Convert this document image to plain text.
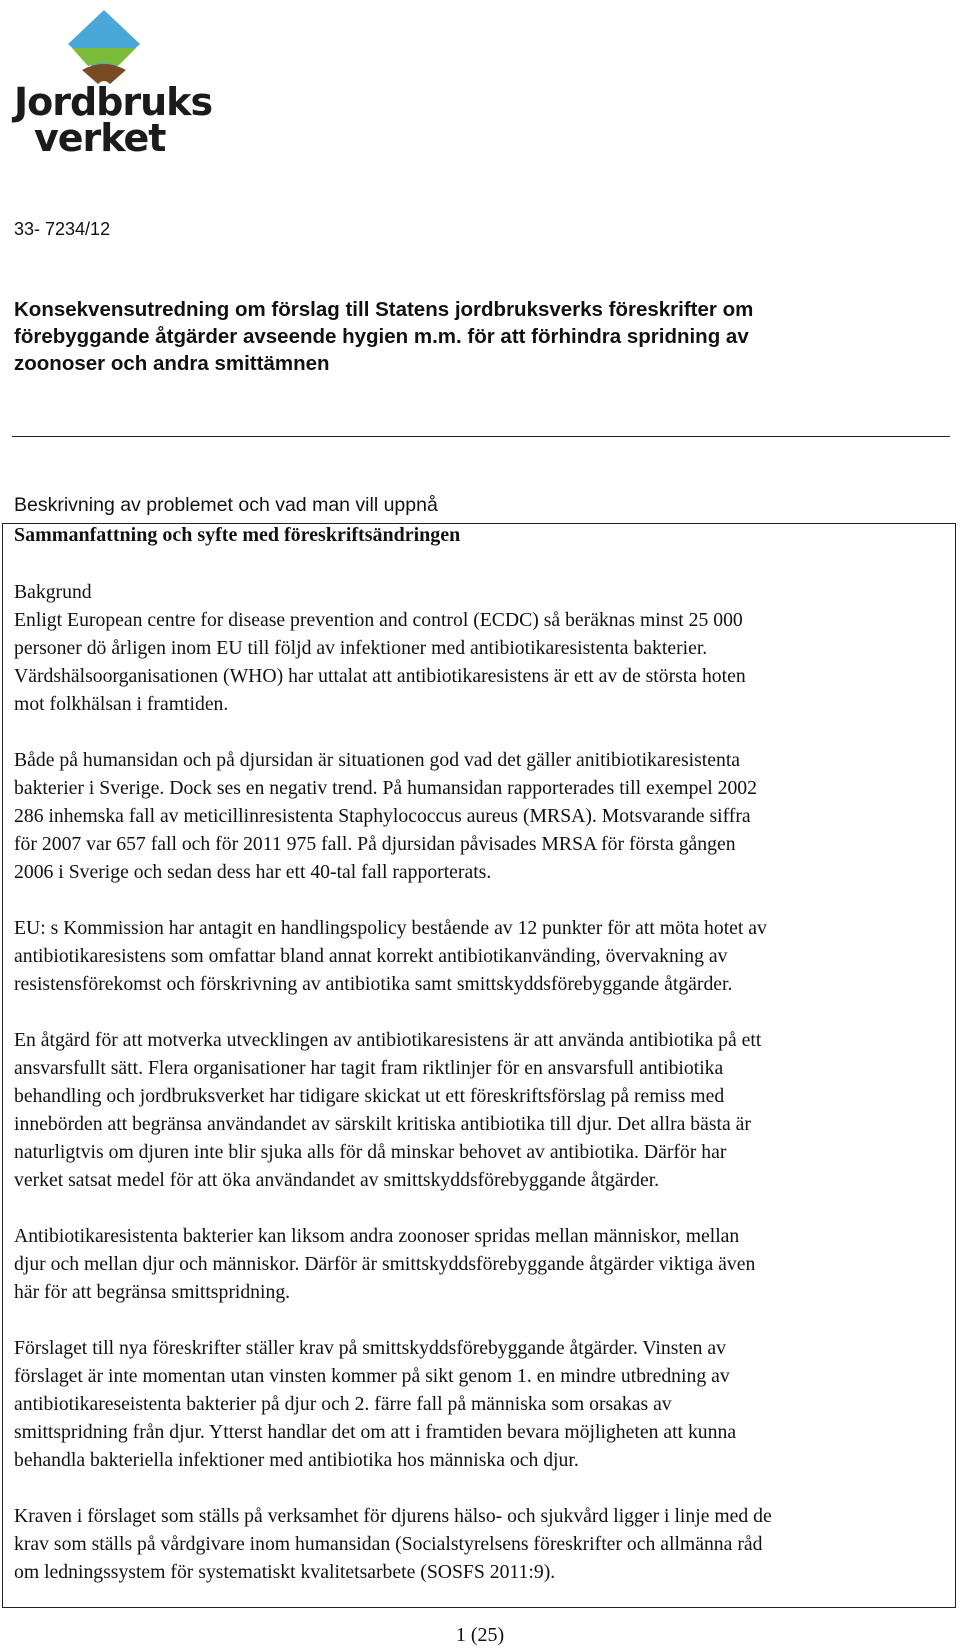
Jordbruks
verket
33- 7234/12
Konsekvensutredning om förslag till Statens jordbruksverks föreskrifter om
förebyggande åtgärder avseende hygien m.m. för att förhindra spridning av
zoonoser och andra smittämnen
Beskrivning av problemet och vad man vill uppnå
Sammanfattning och syfte med föreskriftsändringen

Bakgrund
Enligt European centre for disease prevention and control (ECDC) så beräknas minst 25 000
personer dö årligen inom EU till följd av infektioner med antibiotikaresistenta bakterier.
Värdshälsoorganisationen (WHO) har uttalat att antibiotikaresistens är ett av de största hoten
mot folkhälsan i framtiden.

Både på humansidan och på djursidan är situationen god vad det gäller anitibiotikaresistenta
bakterier i Sverige. Dock ses en negativ trend. På humansidan rapporterades till exempel 2002
286 inhemska fall av meticillinresistenta Staphylococcus aureus (MRSA). Motsvarande siffra
för 2007 var 657 fall och för 2011 975 fall. På djursidan påvisades MRSA för första gången
2006 i Sverige och sedan dess har ett 40-tal fall rapporterats.

EU: s Kommission har antagit en handlingspolicy bestående av 12 punkter för att möta hotet av
antibiotikaresistens som omfattar bland annat korrekt antibiotikanvänding, övervakning av
resistensförekomst och förskrivning av antibiotika samt smittskyddsförebyggande åtgärder.

En åtgärd för att motverka utvecklingen av antibiotikaresistens är att använda antibiotika på ett
ansvarsfullt sätt. Flera organisationer har tagit fram riktlinjer för en ansvarsfull antibiotika
behandling och jordbruksverket har tidigare skickat ut ett föreskriftsförslag på remiss med
innebörden att begränsa användandet av särskilt kritiska antibiotika till djur. Det allra bästa är
naturligtvis om djuren inte blir sjuka alls för då minskar behovet av antibiotika. Därför har
verket satsat medel för att öka användandet av smittskyddsförebyggande åtgärder.

Antibiotikaresistenta bakterier kan liksom andra zoonoser spridas mellan människor, mellan
djur och mellan djur och människor. Därför är smittskyddsförebyggande åtgärder viktiga även
här för att begränsa smittspridning.

Förslaget till nya föreskrifter ställer krav på smittskyddsförebyggande åtgärder. Vinsten av
förslaget är inte momentan utan vinsten kommer på sikt genom 1. en mindre utbredning av
antibiotikareseistenta bakterier på djur och 2. färre fall på människa som orsakas av
smittspridning från djur. Ytterst handlar det om att i framtiden bevara möjligheten att kunna
behandla bakteriella infektioner med antibiotika hos människa och djur.

Kraven i förslaget som ställs på verksamhet för djurens hälso- och sjukvård ligger i linje med de
krav som ställs på vårdgivare inom humansidan (Socialstyrelsens föreskrifter och allmänna råd
om ledningssystem för systematiskt kvalitetsarbete (SOSFS 2011:9).

1 (25)
